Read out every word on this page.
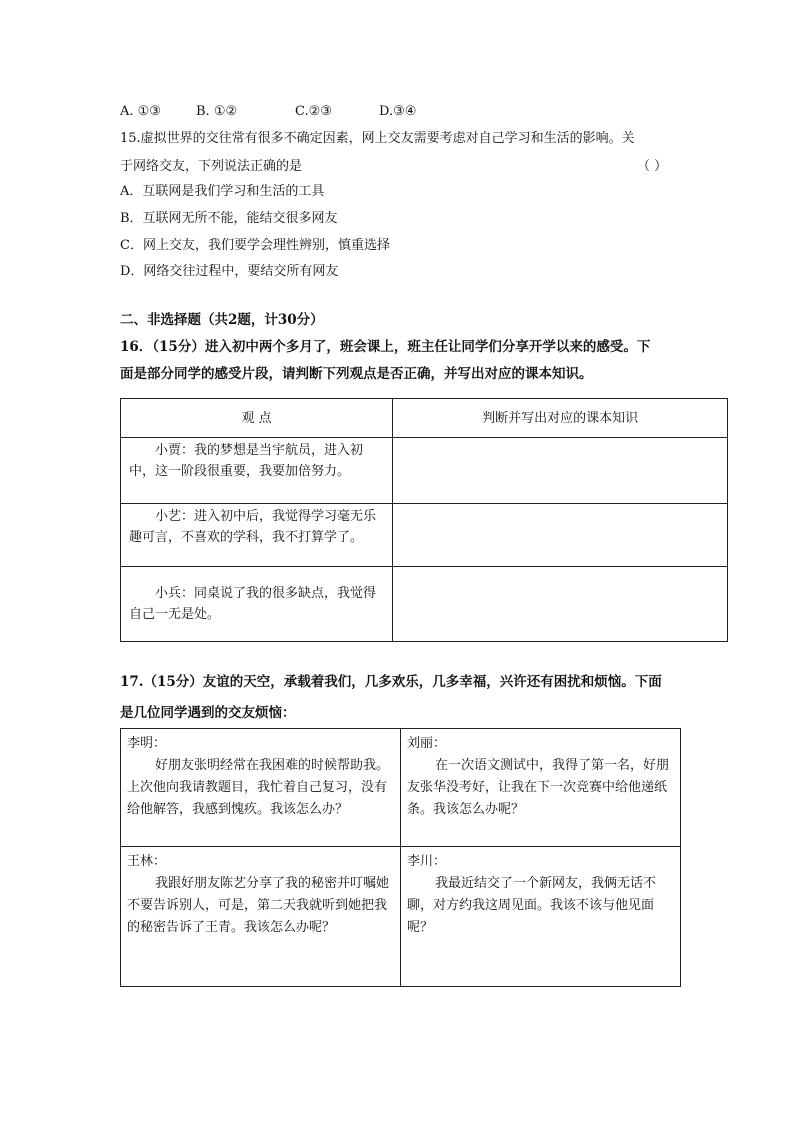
A. ①③	B. ①②	C.②③	D.③④
15.虚拟世界的交往常有很多不确定因素，网上交友需要考虑对自己学习和生活的影响。关
于网络交友，下列说法正确的是	（ ）
A．互联网是我们学习和生活的工具
B．互联网无所不能，能结交很多网友
C．网上交友，我们要学会理性辨别，慎重选择
D．网络交往过程中，要结交所有网友
二、非选择题（共2题，计30分）
16．（15分）进入初中两个多月了，班会课上，班主任让同学们分享开学以来的感受。下
面是部分同学的感受片段，请判断下列观点是否正确，并写出对应的课本知识。
观 点	判断并写出对应的课本知识
小贾：我的梦想是当宇航员，进入初中，这一阶段很重要，我要加倍努力。	
小艺：进入初中后，我觉得学习毫无乐趣可言，不喜欢的学科，我不打算学了。	
小兵：同桌说了我的很多缺点，我觉得自己一无是处。	
17.（15分）友谊的天空，承载着我们，几多欢乐，几多幸福，兴许还有困扰和烦恼。下面
是几位同学遇到的交友烦恼：
李明：
好朋友张明经常在我困难的时候帮助我。上次他向我请教题目，我忙着自己复习，没有给他解答，我感到愧疚。我该怎么办？	刘丽：
在一次语文测试中，我得了第一名，好朋友张华没考好，让我在下一次竞赛中给他递纸条。我该怎么办呢？

王林：
我跟好朋友陈艺分享了我的秘密并叮嘱她不要告诉别人，可是，第二天我就听到她把我的秘密告诉了王青。我该怎么办呢？	李川：
我最近结交了一个新网友，我俩无话不聊，对方约我这周见面。我该不该与他见面呢？
